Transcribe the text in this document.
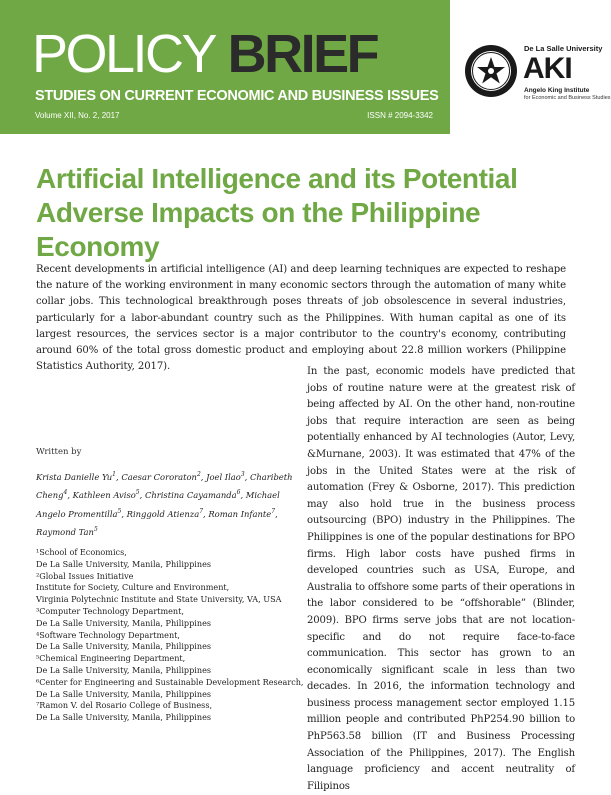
POLICY BRIEF
STUDIES ON CURRENT ECONOMIC AND BUSINESS ISSUES
Volume XII, No. 2, 2017	ISSN # 2094-3342
De La Salle University
AKI
Angelo King Institute
for Economic and Business Studies
Artificial Intelligence and its Potential
Adverse Impacts on the Philippine Economy

Recent developments in artificial intelligence (AI) and deep learning techniques are expected to reshape the nature of the working environment in many economic sectors through the automation of many white collar jobs. This technological breakthrough poses threats of job obsolescence in several industries, particularly for a labor-abundant country such as the Philippines. With human capital as one of its largest resources, the services sector is a major contributor to the country's economy, contributing around 60% of the total gross domestic product and employing about 22.8 million workers (Philippine Statistics Authority, 2017).

Written by
Krista Danielle Yu$^1$, Caesar Cororaton$^2$, Joel Ilao$^3$, Charibeth Cheng$^4$, Kathleen Aviso$^5$, Christina Cayamanda$^6$, Michael Angelo Promentilla$^5$, Ringgold Atienza$^7$, Roman Infante$^7$, Raymond Tan$^5$
¹School of Economics,
De La Salle University, Manila, Philippines
²Global Issues Initiative
Institute for Society, Culture and Environment,
Virginia Polytechnic Institute and State University, VA, USA
³Computer Technology Department,
De La Salle University, Manila, Philippines
⁴Software Technology Department,
De La Salle University, Manila, Philippines
⁵Chemical Engineering Department,
De La Salle University, Manila, Philippines
⁶Center for Engineering and Sustainable Development Research,
De La Salle University, Manila, Philippines
⁷Ramon V. del Rosario College of Business,
De La Salle University, Manila, Philippines

In the past, economic models have predicted that jobs of routine nature were at the greatest risk of being affected by AI. On the other hand, non-routine jobs that require interaction are seen as being potentially enhanced by AI technologies (Autor, Levy, &Murnane, 2003). It was estimated that 47% of the jobs in the United States were at the risk of automation (Frey & Osborne, 2017). This prediction may also hold true in the business process outsourcing (BPO) industry in the Philippines. The Philippines is one of the popular destinations for BPO firms. High labor costs have pushed firms in developed countries such as USA, Europe, and Australia to offshore some parts of their operations in the labor considered to be “offshorable” (Blinder, 2009). BPO firms serve jobs that are not location-specific and do not require face-to-face communication. This sector has grown to an economically significant scale in less than two decades. In 2016, the information technology and business process management sector employed 1.15 million people and contributed PhP254.90 billion to PhP563.58 billion (IT and Business Processing Association of the Philippines, 2017). The English language proficiency and accent neutrality of Filipinos
